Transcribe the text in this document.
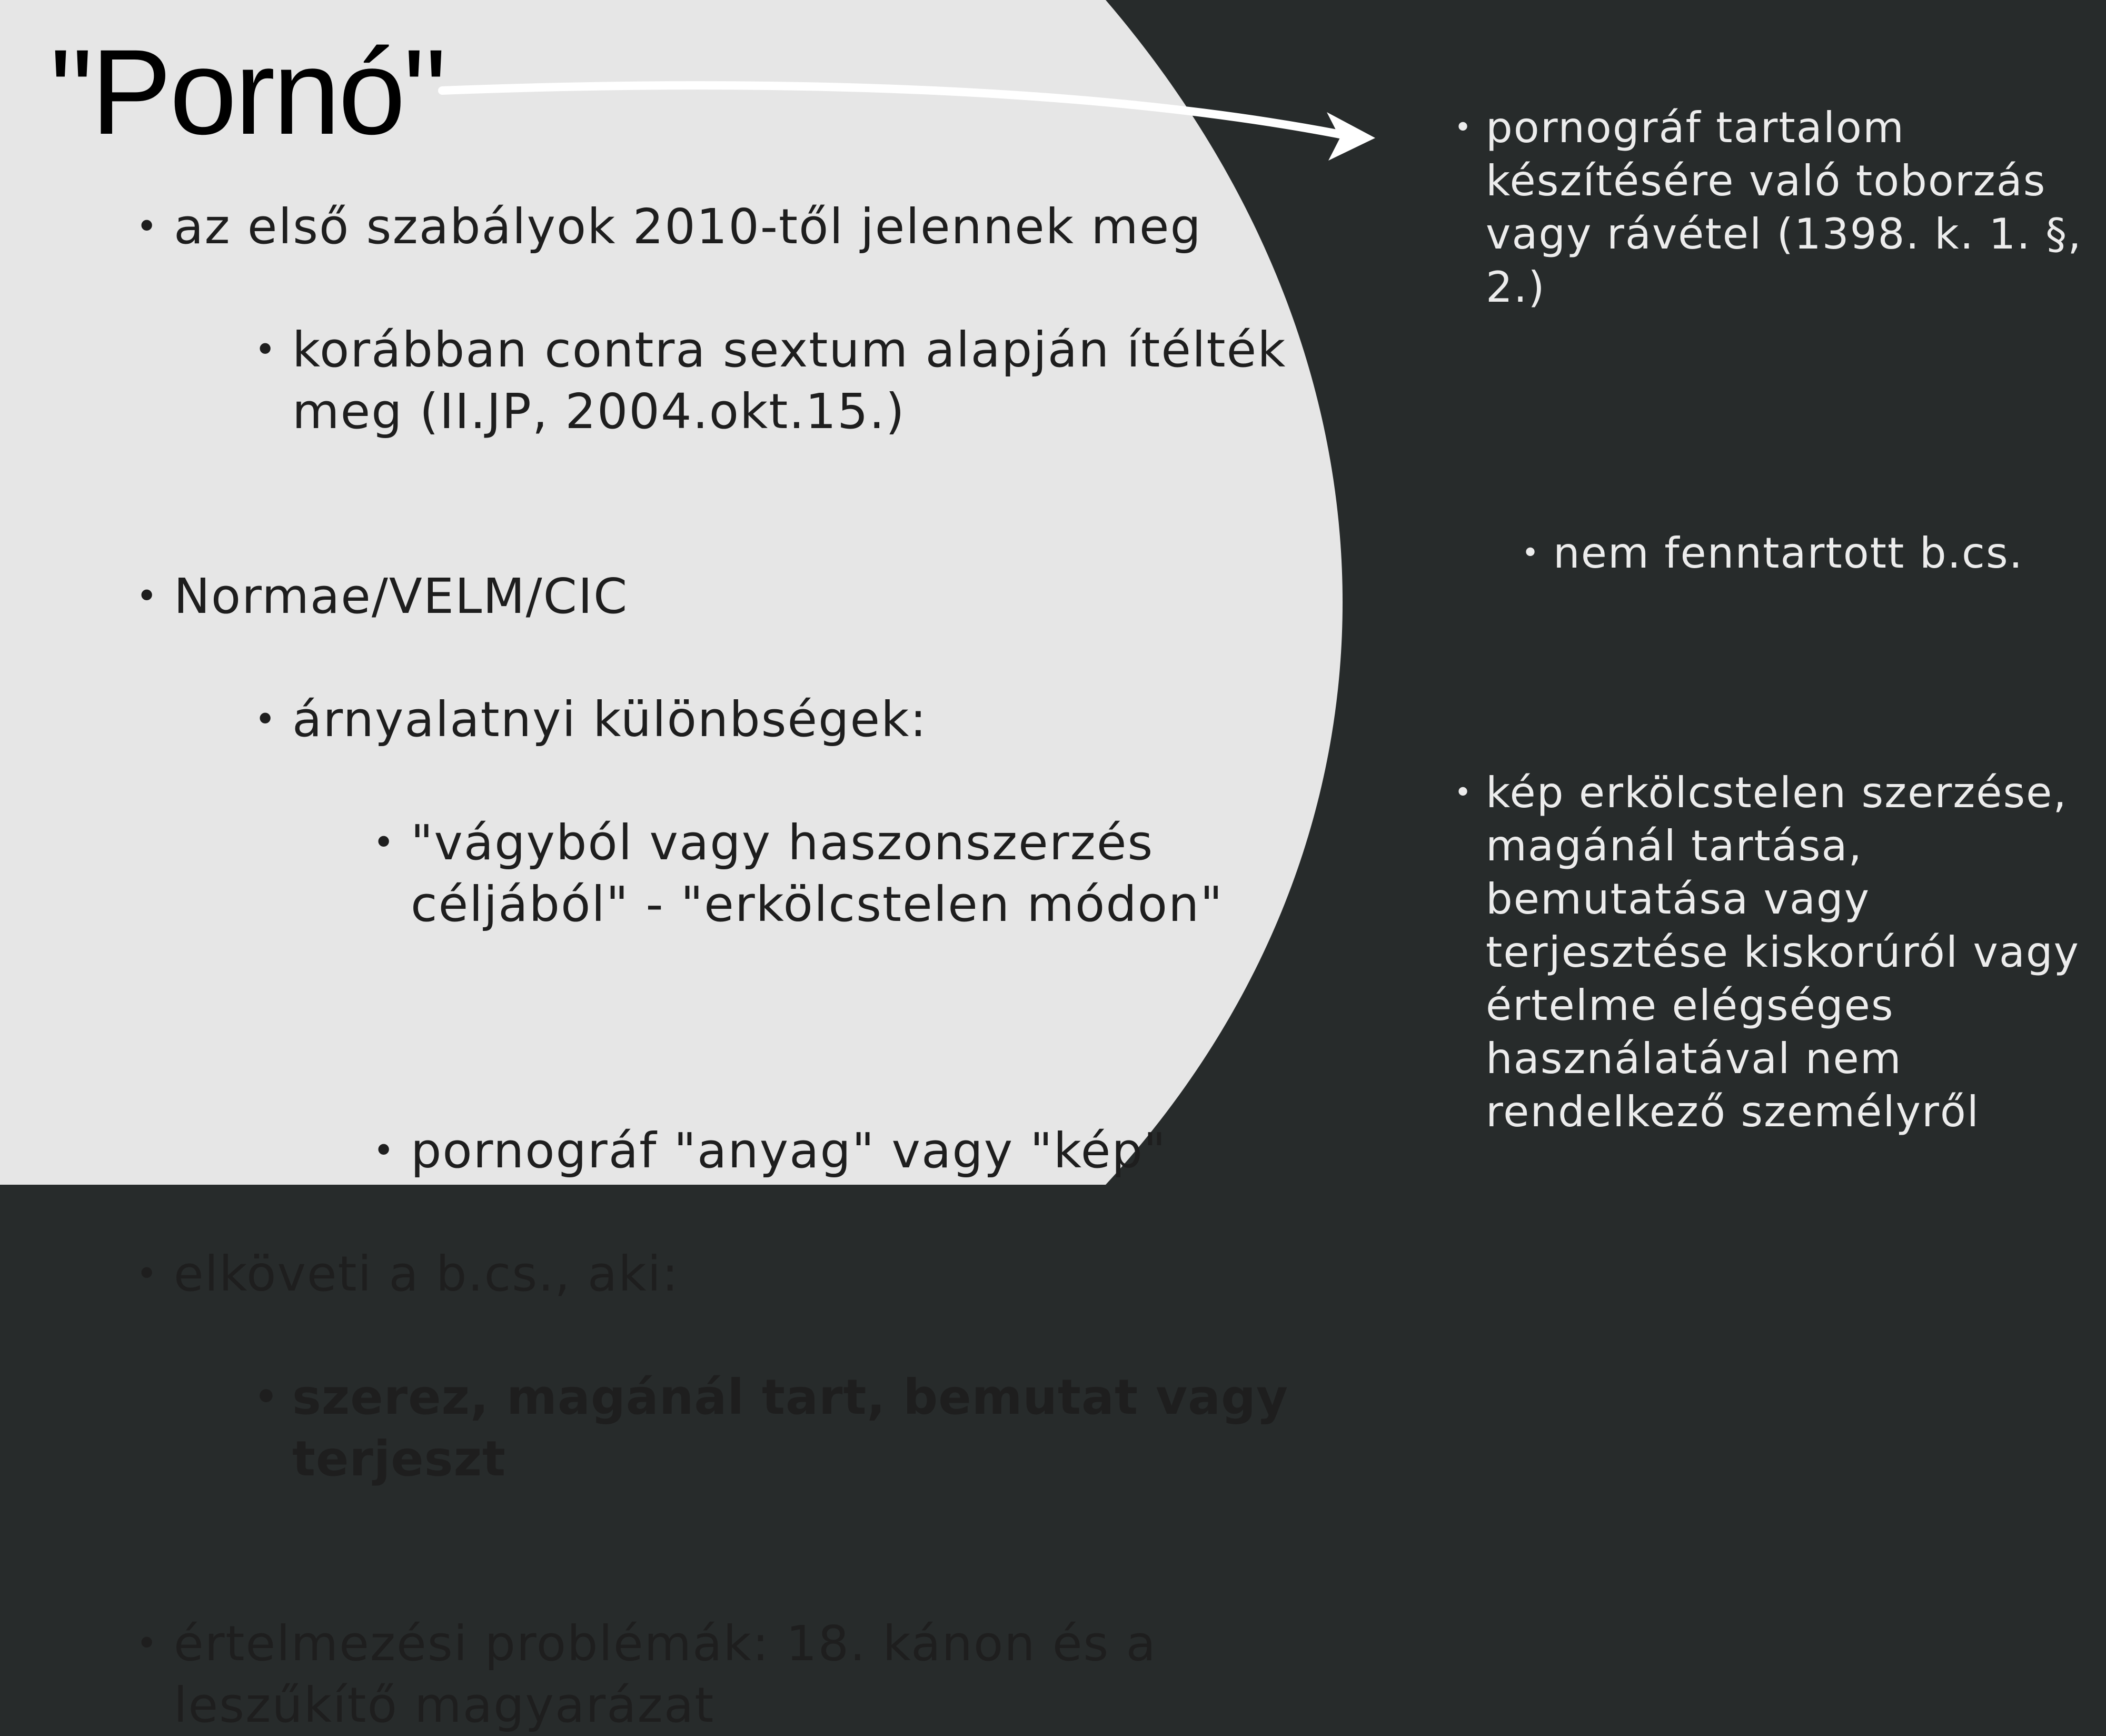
"Pornó"
• az első szabályok 2010-től jelennek meg
• korábban contra sextum alapján ítélték meg (II.JP, 2004.okt.15.)
• Normae/VELM/CIC
• árnyalatnyi különbségek:
• "vágyból vagy haszonszerzés céljából" - "erkölcstelen módon"
• pornográf "anyag" vagy "kép"
• elköveti a b.cs., aki:
• szerez, magánál tart, bemutat vagy terjeszt
• értelmezési problémák: 18. kánon és a leszűkítő magyarázat
• pornográf tartalom készítésére való toborzás vagy rávétel (1398. k. 1. §, 2.)
• nem fenntartott b.cs.
• kép erkölcstelen szerzése, magánál tartása, bemutatása vagy terjesztése kiskorúról vagy értelme elégséges használatával nem rendelkező személyről
